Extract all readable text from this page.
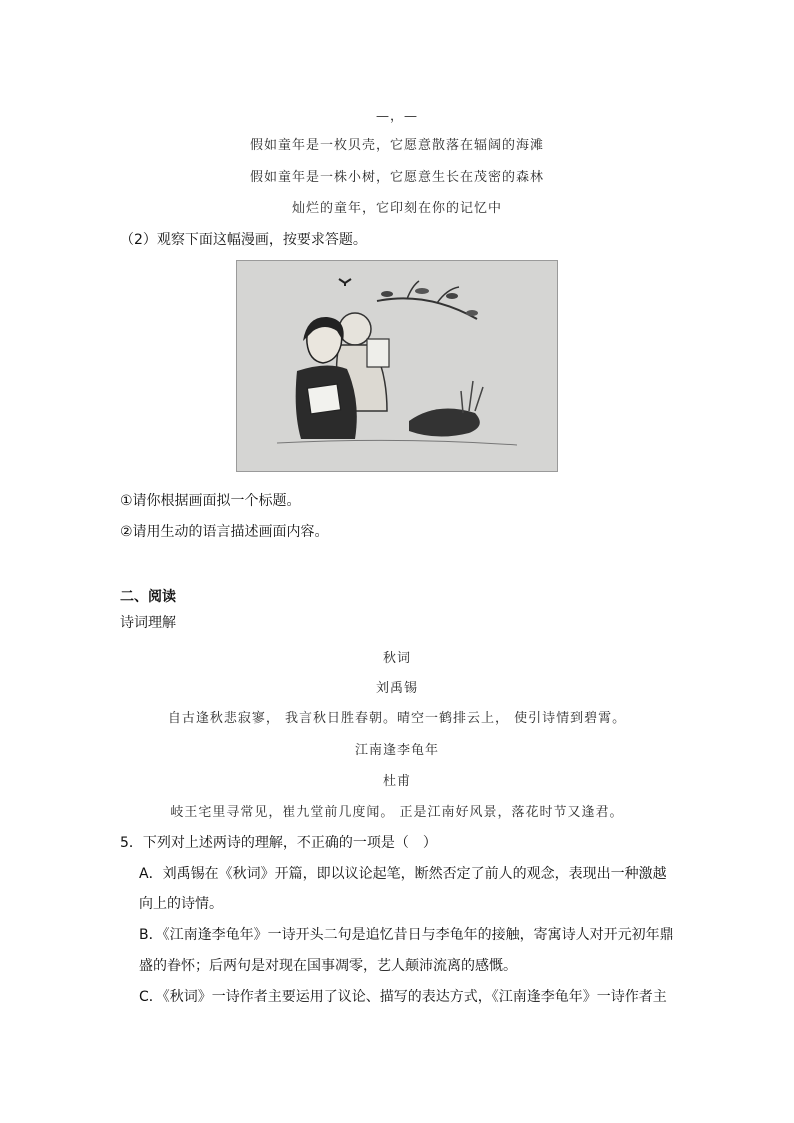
—，—
假如童年是一枚贝壳，它愿意散落在辐阔的海滩
假如童年是一株小树，它愿意生长在茂密的森林
灿烂的童年，它印刻在你的记忆中
（2）观察下面这幅漫画，按要求答题。
①请你根据画面拟一个标题。
②请用生动的语言描述画面内容。
二、阅读
诗词理解
秋词
刘禹锡
自古逢秋悲寂寥， 我言秋日胜春朝。晴空一鹤排云上， 使引诗情到碧霄。
江南逢李龟年
杜甫
岐王宅里寻常见，崔九堂前几度闻。 正是江南好风景，落花时节又逢君。
5．下列对上述两诗的理解，不正确的一项是（　）
A．刘禹锡在《秋词》开篇，即以议论起笔，断然否定了前人的观念，表现出一种激越
向上的诗情。
B．《江南逢李龟年》一诗开头二句是追忆昔日与李龟年的接触，寄寓诗人对开元初年鼎
盛的眷怀；后两句是对现在国事凋零，艺人颠沛流离的感慨。
C．《秋词》一诗作者主要运用了议论、描写的表达方式，《江南逢李龟年》一诗作者主
